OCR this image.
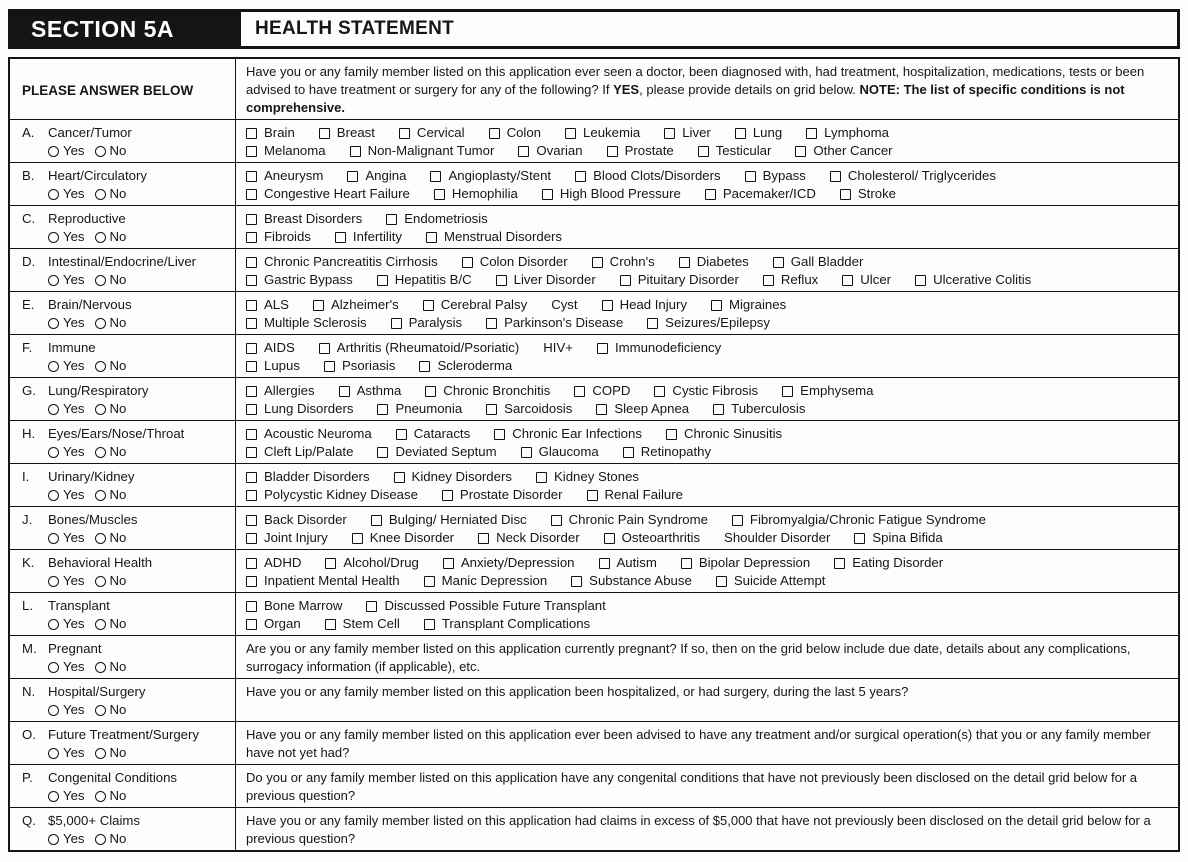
SECTION 5A	HEALTH STATEMENT
PLEASE ANSWER BELOW
Have you or any family member listed on this application ever seen a doctor, been diagnosed with, had treatment, hospitalization, medications, tests or been advised to have treatment or surgery for any of the following? If YES, please provide details on grid below. NOTE: The list of specific conditions is not comprehensive.
A.	Cancer/Tumor
Yes No
Brain	Breast	Cervical	Colon	Leukemia	Liver	Lung	Lymphoma
Melanoma	Non-Malignant Tumor	Ovarian	Prostate	Testicular	Other Cancer
B.	Heart/Circulatory
Yes No
Aneurysm	Angina	Angioplasty/Stent	Blood Clots/Disorders	Bypass	Cholesterol/ Triglycerides
Congestive Heart Failure	Hemophilia	High Blood Pressure	Pacemaker/ICD	Stroke
C. Reproductive
Yes No
Breast Disorders	Endometriosis
Fibroids	Infertility	Menstrual Disorders
D. Intestinal/Endocrine/Liver
Yes No
Chronic Pancreatitis Cirrhosis	Colon Disorder	Crohn's	Diabetes	Gall Bladder
Gastric Bypass	Hepatitis B/C	Liver Disorder	Pituitary Disorder	Reflux	Ulcer	Ulcerative Colitis
E.	Brain/Nervous
Yes No
ALS	Alzheimer's	Cerebral Palsy Cyst	Head Injury	Migraines
Multiple Sclerosis	Paralysis	Parkinson's Disease	Seizures/Epilepsy
F.	Immune
Yes No
AIDS	Arthritis (Rheumatoid/Psoriatic) HIV+	Immunodeficiency
Lupus	Psoriasis	Scleroderma
G. Lung/Respiratory
Yes No
Allergies	Asthma	Chronic Bronchitis	COPD	Cystic Fibrosis	Emphysema
Lung Disorders	Pneumonia	Sarcoidosis	Sleep Apnea	Tuberculosis
H. Eyes/Ears/Nose/Throat
Yes No
Acoustic Neuroma	Cataracts	Chronic Ear Infections	Chronic Sinusitis
Cleft Lip/Palate	Deviated Septum	Glaucoma	Retinopathy
I.	Urinary/Kidney
Yes No
Bladder Disorders	Kidney Disorders	Kidney Stones
Polycystic Kidney Disease	Prostate Disorder	Renal Failure
J.	Bones/Muscles
Yes No
Back Disorder	Bulging/ Herniated Disc	Chronic Pain Syndrome	Fibromyalgia/Chronic Fatigue Syndrome
Joint Injury	Knee Disorder	Neck Disorder	Osteoarthritis Shoulder Disorder	Spina Bifida
K.	Behavioral Health
Yes No
ADHD	Alcohol/Drug	Anxiety/Depression	Autism	Bipolar Depression	Eating Disorder
Inpatient Mental Health	Manic Depression	Substance Abuse	Suicide Attempt
L.	Transplant
Yes No
Bone Marrow	Discussed Possible Future Transplant
Organ	Stem Cell	Transplant Complications
M. Pregnant
Yes No
Are you or any family member listed on this application currently pregnant? If so, then on the grid below include due date, details about any complications, surrogacy information (if applicable), etc.
N. Hospital/Surgery
Yes No
Have you or any family member listed on this application been hospitalized, or had surgery, during the last 5 years?
O. Future Treatment/Surgery
Yes No
Have you or any family member listed on this application ever been advised to have any treatment and/or surgical operation(s) that you or any family member have not yet had?
P.	Congenital Conditions
Yes No
Do you or any family member listed on this application have any congenital conditions that have not previously been disclosed on the detail grid below for a previous question?
Q. $5,000+ Claims
Yes No
Have you or any family member listed on this application had claims in excess of $5,000 that have not previously been disclosed on the detail grid below for a previous question?
